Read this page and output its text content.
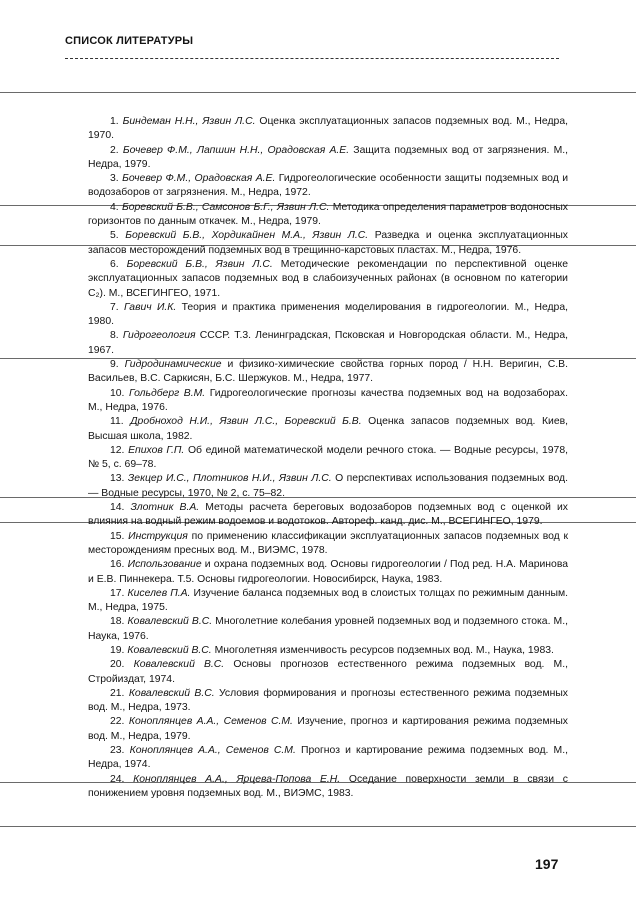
СПИСОК ЛИТЕРАТУРЫ

1. Биндеман Н.Н., Язвин Л.С. Оценка эксплуатационных запасов подземных вод. М., Недра, 1970.

2. Бочевер Ф.М., Лапшин Н.Н., Орадовская А.Е. Защита подземных вод от загрязнения. М., Недра, 1979.

3. Бочевер Ф.М., Орадовская А.Е. Гидрогеологические особенности защиты подземных вод и водозаборов от загрязнения. М., Недра, 1972.

4. Боревский Б.В., Самсонов Б.Г., Язвин Л.С. Методика определения параметров водоносных горизонтов по данным откачек. М., Недра, 1979.

5. Боревский Б.В., Хордикайнен М.А., Язвин Л.С. Разведка и оценка эксплуатационных запасов месторождений подземных вод в трещинно-карстовых пластах. М., Недра, 1976.

6. Боревский Б.В., Язвин Л.С. Методические рекомендации по перспективной оценке эксплуатационных запасов подземных вод в слабоизученных районах (в основном по категории С₂). М., ВСЕГИНГЕО, 1971.

7. Гавич И.К. Теория и практика применения моделирования в гидрогеологии. М., Недра, 1980.

8. Гидрогеология СССР. Т.3. Ленинградская, Псковская и Новгородская области. М., Недра, 1967.

9. Гидродинамические и физико-химические свойства горных пород / Н.Н. Веригин, С.В. Васильев, В.С. Саркисян, Б.С. Шержуков. М., Недра, 1977.

10. Гольдберг В.М. Гидрогеологические прогнозы качества подземных вод на водозаборах. М., Недра, 1976.

11. Дробноход Н.И., Язвин Л.С., Боревский Б.В. Оценка запасов подземных вод. Киев, Высшая школа, 1982.

12. Епихов Г.П. Об единой математической модели речного стока. — Водные ресурсы, 1978, № 5, с. 69–78.

13. Зекцер И.С., Плотников Н.И., Язвин Л.С. О перспективах использования подземных вод. — Водные ресурсы, 1970, № 2, с. 75–82.

14. Злотник В.А. Методы расчета береговых водозаборов подземных вод с оценкой их влияния на водный режим водоемов и водотоков. Автореф. канд. дис. М., ВСЕГИНГЕО, 1979.

15. Инструкция по применению классификации эксплуатационных запасов подземных вод к месторождениям пресных вод. М., ВИЭМС, 1978.

16. Использование и охрана подземных вод. Основы гидрогеологии / Под ред. Н.А. Маринова и Е.В. Пиннекера. Т.5. Основы гидрогеологии. Новосибирск, Наука, 1983.

17. Киселев П.А. Изучение баланса подземных вод в слоистых толщах по режимным данным. М., Недра, 1975.

18. Ковалевский В.С. Многолетние колебания уровней подземных вод и подземного стока. М., Наука, 1976.

19. Ковалевский В.С. Многолетняя изменчивость ресурсов подземных вод. М., Наука, 1983.

20. Ковалевский В.С. Основы прогнозов естественного режима подземных вод. М., Стройиздат, 1974.

21. Ковалевский В.С. Условия формирования и прогнозы естественного режима подземных вод. М., Недра, 1973.

22. Коноплянцев А.А., Семенов С.М. Изучение, прогноз и картирования режима подземных вод. М., Недра, 1979.

23. Коноплянцев А.А., Семенов С.М. Прогноз и картирование режима подземных вод. М., Недра, 1974.

24. Коноплянцев А.А., Ярцева-Попова Е.Н. Оседание поверхности земли в связи с понижением уровня подземных вод. М., ВИЭМС, 1983.

197
